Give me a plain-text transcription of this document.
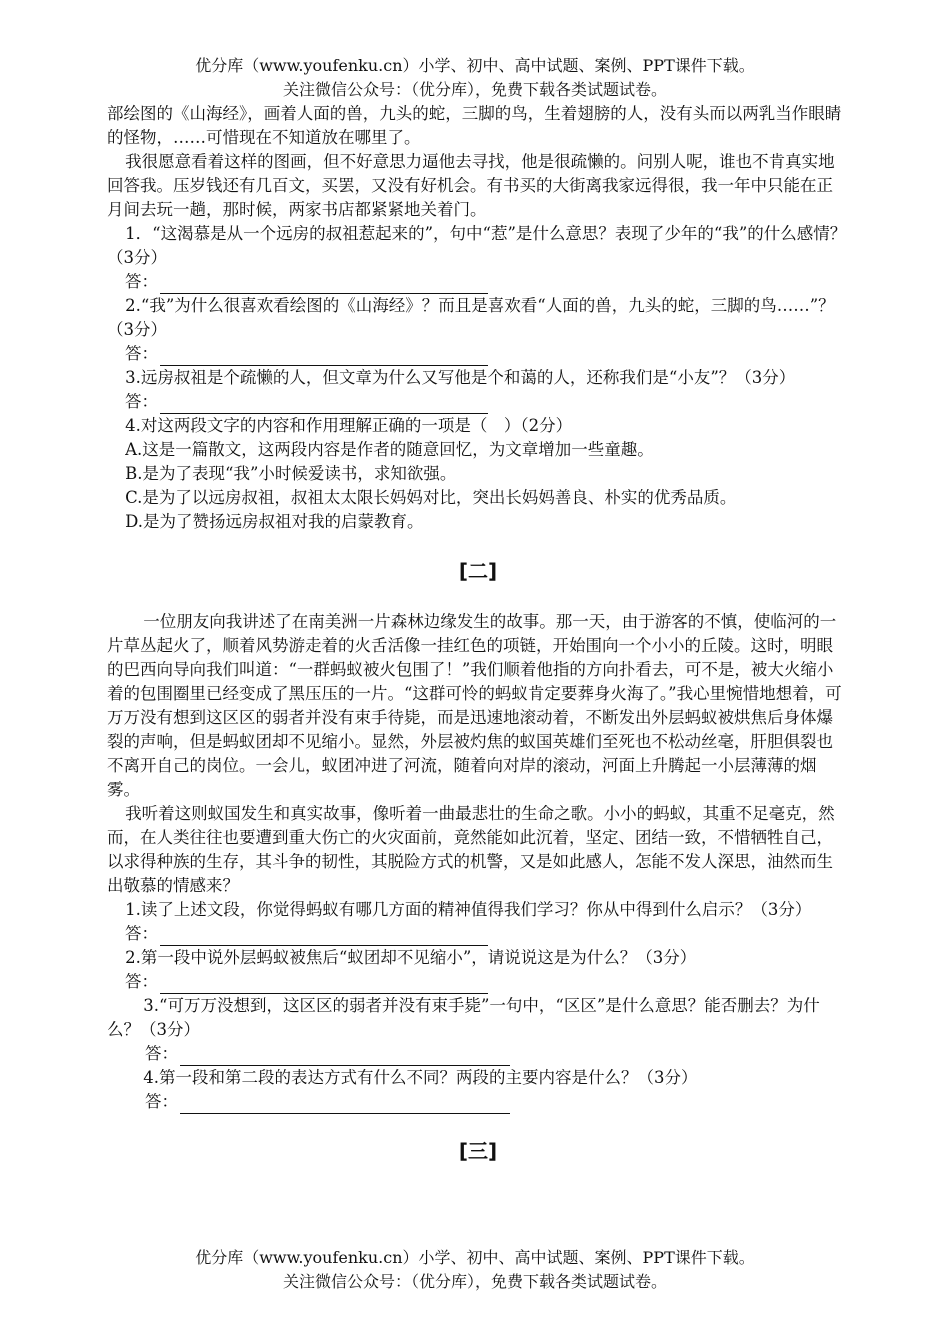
优分库（www.youfenku.cn）小学、初中、高中试题、案例、PPT课件下载。
关注微信公众号：（优分库），免费下载各类试题试卷。

部绘图的《山海经》，画着人面的兽，九头的蛇，三脚的鸟，生着翅膀的人，没有头而以两乳当作眼睛的怪物，……可惜现在不知道放在哪里了。

我很愿意看着这样的图画，但不好意思力逼他去寻找，他是很疏懒的。问别人呢，谁也不肯真实地回答我。压岁钱还有几百文，买罢，又没有好机会。有书买的大街离我家远得很，我一年中只能在正月间去玩一趟，那时候，两家书店都紧紧地关着门。

1．“这渴慕是从一个远房的叔祖惹起来的”，句中“惹”是什么意思？表现了少年的“我”的什么感情？（3分）

答：

2.“我”为什么很喜欢看绘图的《山海经》？而且是喜欢看“人面的兽，九头的蛇，三脚的鸟……”？（3分）

答：

3.远房叔祖是个疏懒的人，但文章为什么又写他是个和蔼的人，还称我们是“小友”？（3分）

答：

4.对这两段文字的内容和作用理解正确的一项是（　）（2分）

A.这是一篇散文，这两段内容是作者的随意回忆，为文章增加一些童趣。

B.是为了表现“我”小时候爱读书，求知欲强。

C.是为了以远房叔祖，叔祖太太限长妈妈对比，突出长妈妈善良、朴实的优秀品质。

D.是为了赞扬远房叔祖对我的启蒙教育。

[二]

一位朋友向我讲述了在南美洲一片森林边缘发生的故事。那一天，由于游客的不慎，使临河的一片草丛起火了，顺着风势游走着的火舌活像一挂红色的项链，开始围向一个小小的丘陵。这时，明眼的巴西向导向我们叫道：“一群蚂蚁被火包围了！”我们顺着他指的方向扑看去，可不是，被大火缩小着的包围圈里已经变成了黑压压的一片。“这群可怜的蚂蚁肯定要葬身火海了。”我心里惋惜地想着，可万万没有想到这区区的弱者并没有束手待毙，而是迅速地滚动着，不断发出外层蚂蚁被烘焦后身体爆裂的声响，但是蚂蚁团却不见缩小。显然，外层被灼焦的蚁国英雄们至死也不松动丝毫，肝胆俱裂也不离开自己的岗位。一会儿，蚁团冲进了河流，随着向对岸的滚动，河面上升腾起一小层薄薄的烟雾。

我听着这则蚁国发生和真实故事，像听着一曲最悲壮的生命之歌。小小的蚂蚁，其重不足毫克，然而，在人类往往也要遭到重大伤亡的火灾面前，竟然能如此沉着，坚定、团结一致，不惜牺牲自己，以求得种族的生存，其斗争的韧性，其脱险方式的机警，又是如此感人，怎能不发人深思，油然而生出敬慕的情感来？

1.读了上述文段，你觉得蚂蚁有哪几方面的精神值得我们学习？你从中得到什么启示？（3分）

答：

2.第一段中说外层蚂蚁被焦后“蚁团却不见缩小”，请说说这是为什么？（3分）

答：

3.“可万万没想到，这区区的弱者并没有束手毙”一句中，“区区”是什么意思？能否删去？为什么？（3分）

答：

4.第一段和第二段的表达方式有什么不同？两段的主要内容是什么？（3分）

答：
[三]
优分库（www.youfenku.cn）小学、初中、高中试题、案例、PPT课件下载。
关注微信公众号：（优分库），免费下载各类试题试卷。
